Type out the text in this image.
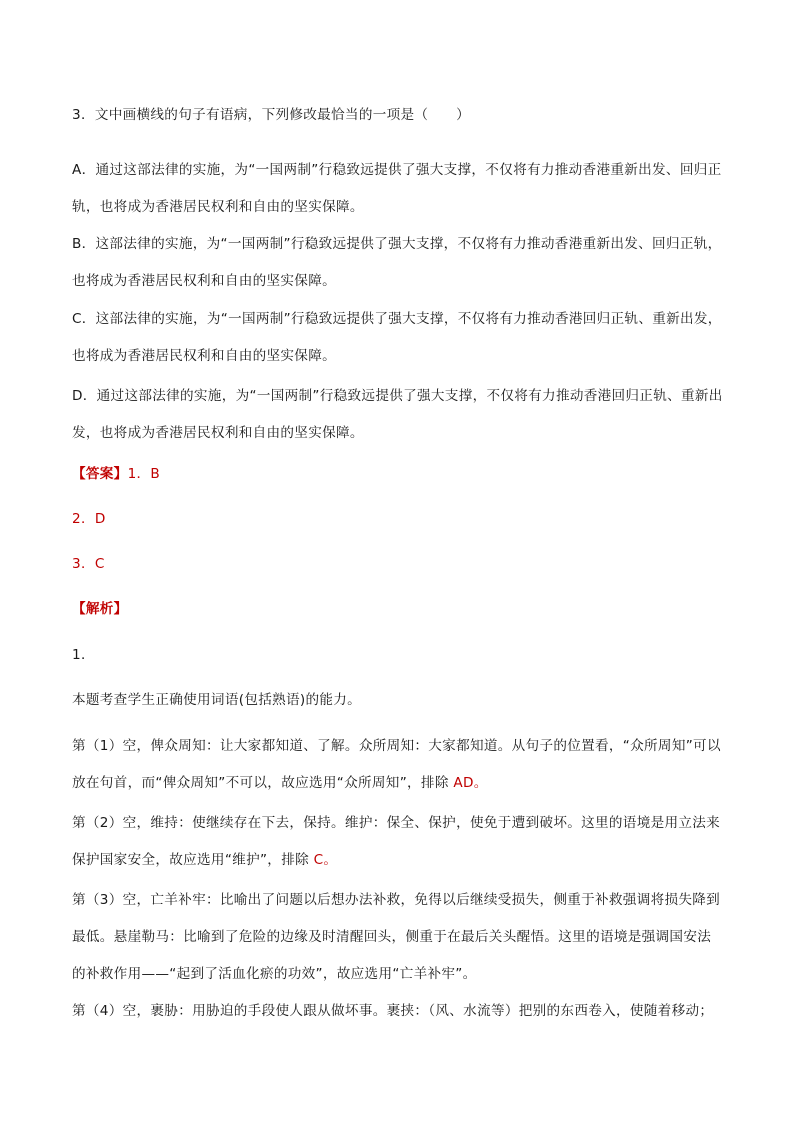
3．文中画横线的句子有语病，下列修改最恰当的一项是（　　）

A．通过这部法律的实施，为“一国两制”行稳致远提供了强大支撑，不仅将有力推动香港重新出发、回归正
轨，也将成为香港居民权利和自由的坚实保障。

B．这部法律的实施，为“一国两制”行稳致远提供了强大支撑，不仅将有力推动香港重新出发、回归正轨，
也将成为香港居民权利和自由的坚实保障。

C．这部法律的实施，为“一国两制”行稳致远提供了强大支撑，不仅将有力推动香港回归正轨、重新出发，
也将成为香港居民权利和自由的坚实保障。

D．通过这部法律的实施，为“一国两制”行稳致远提供了强大支撑，不仅将有力推动香港回归正轨、重新出
发，也将成为香港居民权利和自由的坚实保障。

【答案】1．B

2．D

3．C

【解析】

1．

本题考查学生正确使用词语(包括熟语)的能力。

第（1）空，俾众周知：让大家都知道、了解。众所周知：大家都知道。从句子的位置看，“众所周知”可以
放在句首，而“俾众周知”不可以，故应选用“众所周知”，排除 AD。

第（2）空，维持：使继续存在下去，保持。维护：保全、保护，使免于遭到破坏。这里的语境是用立法来
保护国家安全，故应选用“维护”，排除 C。

第（3）空，亡羊补牢：比喻出了问题以后想办法补救，免得以后继续受损失，侧重于补救强调将损失降到
最低。悬崖勒马：比喻到了危险的边缘及时清醒回头，侧重于在最后关头醒悟。这里的语境是强调国安法
的补救作用——“起到了活血化瘀的功效”，故应选用“亡羊补牢”。

第（4）空，裹胁：用胁迫的手段使人跟从做坏事。裹挟：（风、水流等）把别的东西卷入，使随着移动；
